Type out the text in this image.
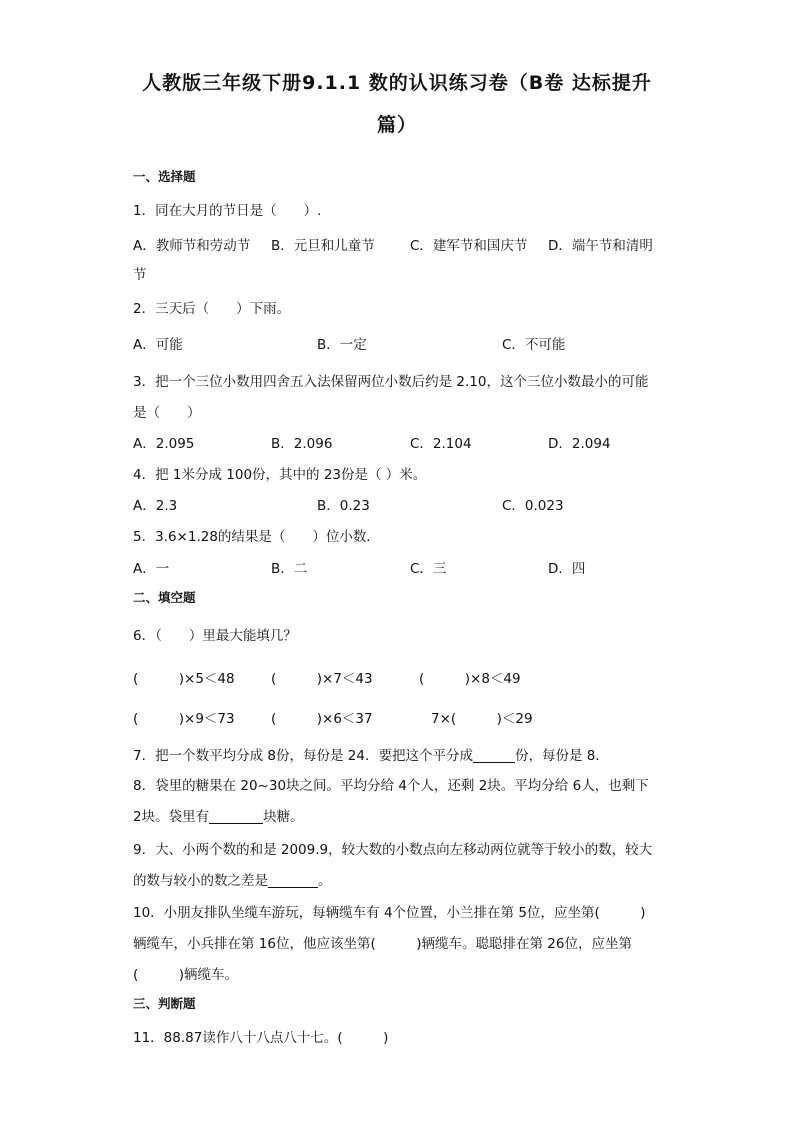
人教版三年级下册9.1.1 数的认识练习卷（B卷 达标提升
篇）
一、选择题
1．同在大月的节日是（　　）.
A．教师节和劳动节 B．元旦和儿童节	C．建军节和国庆节 D．端午节和清明
节
2．三天后（　　）下雨。
A．可能	B．一定	C．不可能
3．把一个三位小数用四舍五入法保留两位小数后约是 2.10，这个三位小数最小的可能
是（　　）
A．2.095	B．2.096	C．2.104	D．2.094
4．把 1米分成 100份，其中的 23份是（ ）米。
A．2.3	B．0.23	C．0.023
5．3.6×1.28的结果是（　　）位小数．
A．一	B．二	C．三	D．四
二、填空题
6．（　　）里最大能填几？
(　　　)×5＜48	(　　　)×7＜43	(　　　)×8＜49
(　　　)×9＜73	(　　　)×6＜37	7×(　　　)＜29
7．把一个数平均分成 8份，每份是 24．要把这个平分成	份，每份是 8．
8．袋里的糖果在 20~30块之间。平均分给 4个人，还剩 2块。平均分给 6人，也剩下
2块。袋里有	块糖。
9．大、小两个数的和是 2009.9，较大数的小数点向左移动两位就等于较小的数，较大
的数与较小的数之差是	。
10．小朋友排队坐缆车游玩，每辆缆车有 4个位置，小兰排在第 5位，应坐第(　　　)
辆缆车，小兵排在第 16位，他应该坐第(　　　)辆缆车。聪聪排在第 26位，应坐第
(　　　)辆缆车。
三、判断题
11．88.87读作八十八点八十七。(　　　)
